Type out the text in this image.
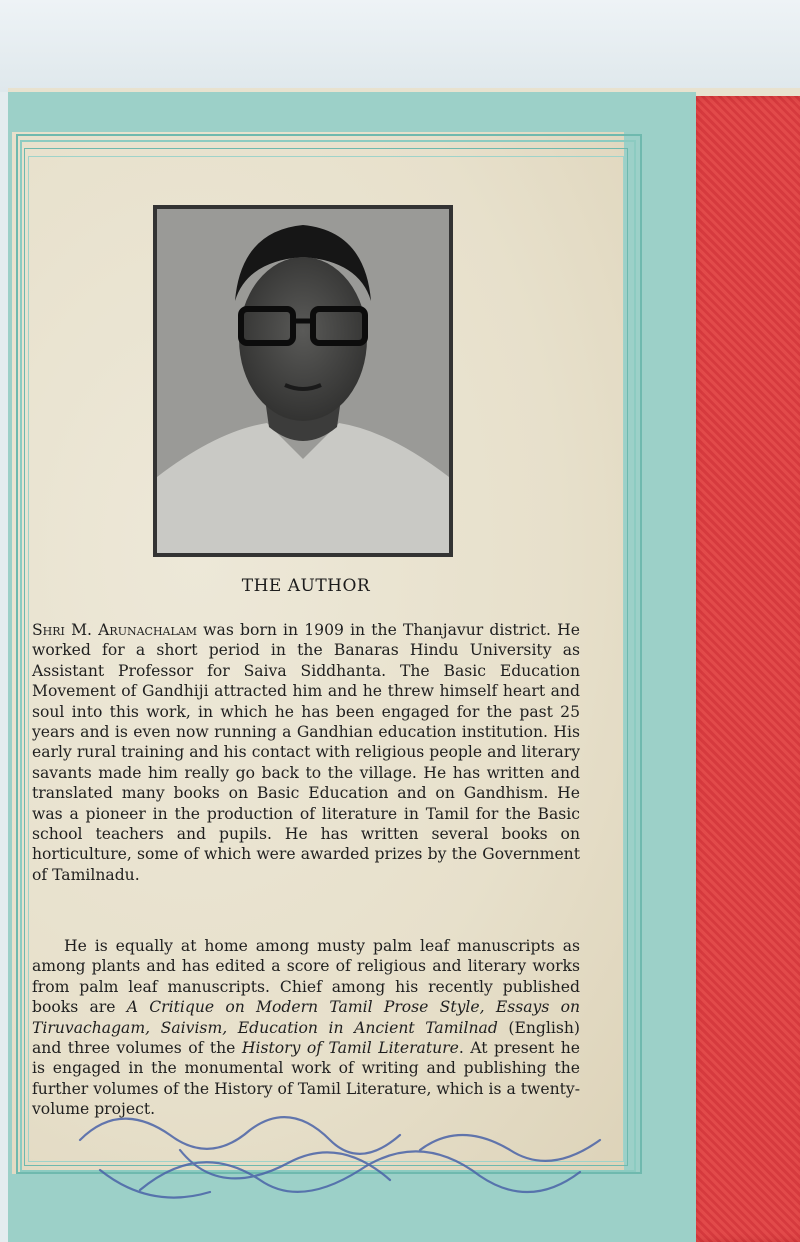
THE AUTHOR

Shri M. Arunachalam was born in 1909 in the Thanjavur district. He worked for a short period in the Banaras Hindu University as Assistant Professor for Saiva Siddhanta. The Basic Education Movement of Gandhiji attracted him and he threw himself heart and soul into this work, in which he has been engaged for the past 25 years and is even now running a Gandhian education institution. His early rural training and his contact with religious people and literary savants made him really go back to the village. He has written and translated many books on Basic Education and on Gandhism. He was a pioneer in the production of literature in Tamil for the Basic school teachers and pupils. He has written several books on horticulture, some of which were awarded prizes by the Government of Tamilnadu.

He is equally at home among musty palm leaf manuscripts as among plants and has edited a score of religious and literary works from palm leaf manuscripts. Chief among his recently published books are A Critique on Modern Tamil Prose Style, Essays on Tiruvachagam, Saivism, Education in Ancient Tamilnad (English) and three volumes of the History of Tamil Literature. At present he is engaged in the monumental work of writing and publishing the further volumes of the History of Tamil Literature, which is a twenty-volume project.
